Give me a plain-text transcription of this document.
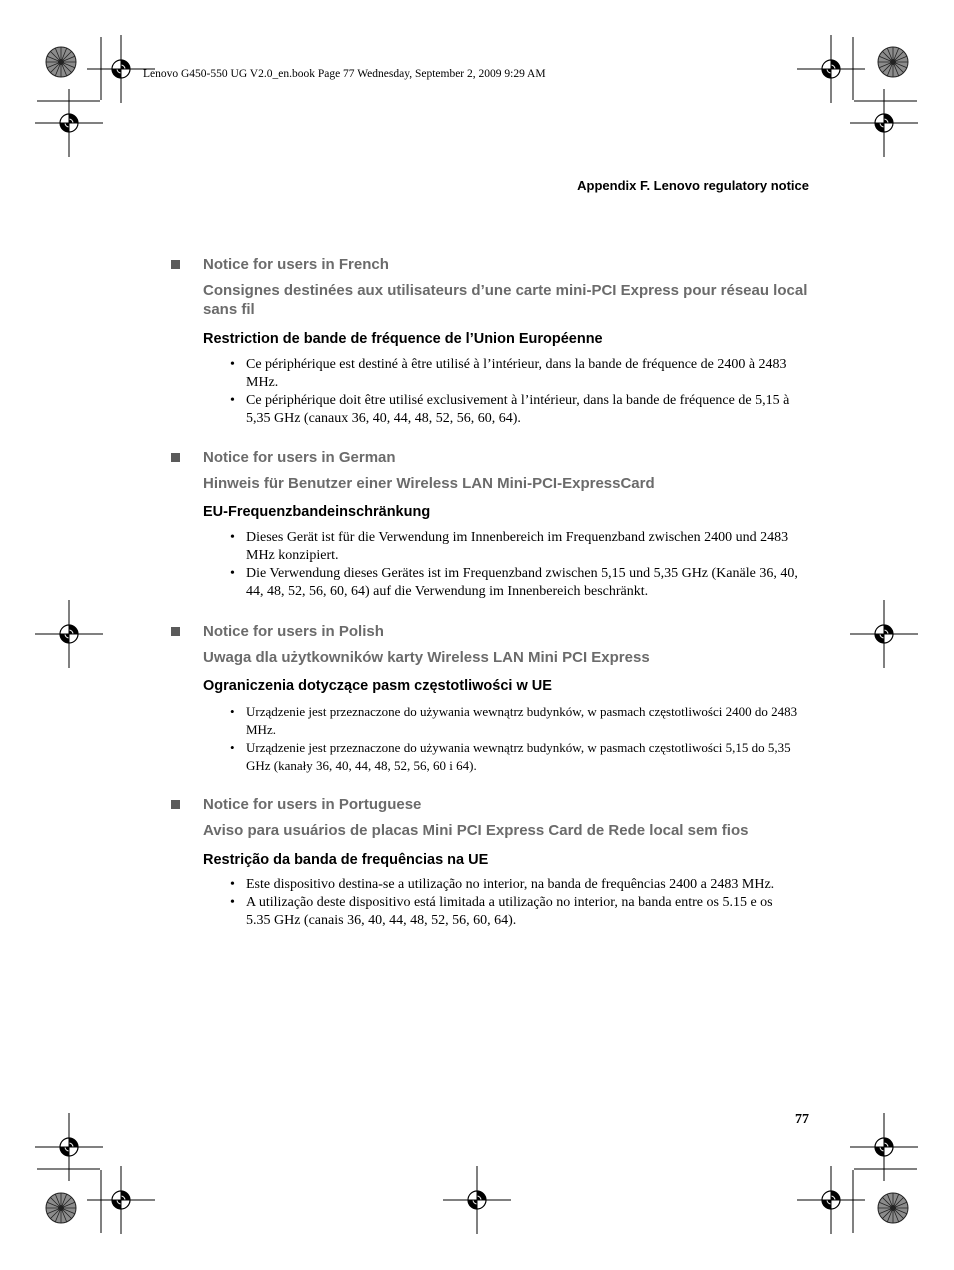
Lenovo G450-550 UG V2.0_en.book Page 77 Wednesday, September 2, 2009 9:29 AM
Appendix F. Lenovo regulatory notice
Notice for users in French
Consignes destinées aux utilisateurs d’une carte mini-PCI Express pour réseau local sans fil
Restriction de bande de fréquence de l’Union Européenne
• Ce périphérique est destiné à être utilisé à l’intérieur, dans la bande de fréquence de 2400 à 2483 MHz.
• Ce périphérique doit être utilisé exclusivement à l’intérieur, dans la bande de fréquence de 5,15 à 5,35 GHz (canaux 36, 40, 44, 48, 52, 56, 60, 64).
Notice for users in German
Hinweis für Benutzer einer Wireless LAN Mini-PCI-ExpressCard
EU-Frequenzbandeinschränkung
• Dieses Gerät ist für die Verwendung im Innenbereich im Frequenzband zwischen 2400 und 2483 MHz konzipiert.
• Die Verwendung dieses Gerätes ist im Frequenzband zwischen 5,15 und 5,35 GHz (Kanäle 36, 40, 44, 48, 52, 56, 60, 64) auf die Verwendung im Innenbereich beschränkt.
Notice for users in Polish
Uwaga dla użytkowników karty Wireless LAN Mini PCI Express
Ograniczenia dotyczące pasm częstotliwości w UE
• Urządzenie jest przeznaczone do używania wewnątrz budynków, w pasmach częstotliwości 2400 do 2483 MHz.
• Urządzenie jest przeznaczone do używania wewnątrz budynków, w pasmach częstotliwości 5,15 do 5,35 GHz (kanały 36, 40, 44, 48, 52, 56, 60 i 64).
Notice for users in Portuguese
Aviso para usuários de placas Mini PCI Express Card de Rede local sem fios
Restrição da banda de frequências na UE
• Este dispositivo destina-se a utilização no interior, na banda de frequências 2400 a 2483 MHz.
• A utilização deste dispositivo está limitada a utilização no interior, na banda entre os 5.15 e os 5.35 GHz (canais 36, 40, 44, 48, 52, 56, 60, 64).
77
